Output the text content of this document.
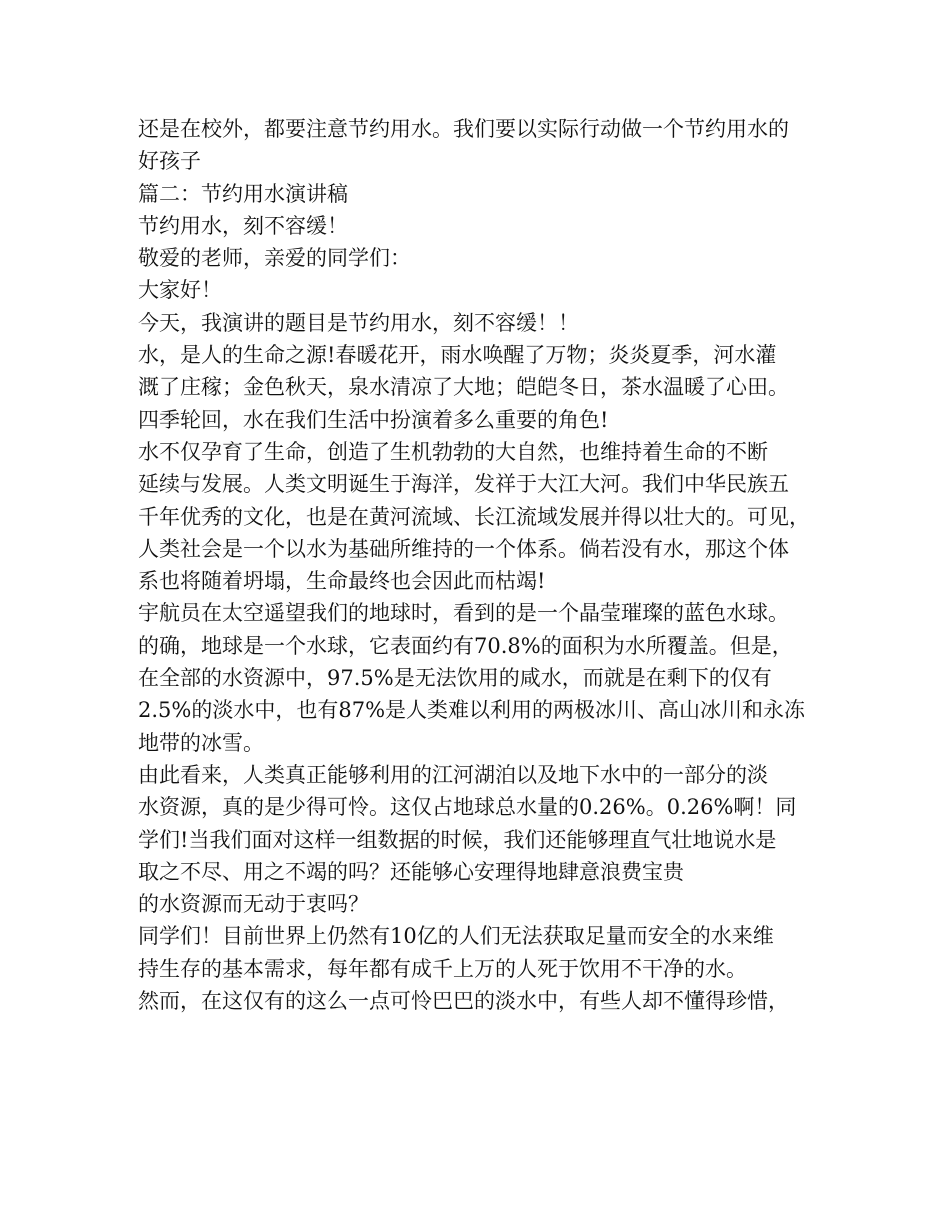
还是在校外，都要注意节约用水。我们要以实际行动做一个节约用水的
好孩子
篇二：节约用水演讲稿
节约用水，刻不容缓！
敬爱的老师，亲爱的同学们：
大家好！
今天，我演讲的题目是节约用水，刻不容缓！！
水，是人的生命之源!春暖花开，雨水唤醒了万物；炎炎夏季，河水灌
溉了庄稼；金色秋天，泉水清凉了大地；皑皑冬日，茶水温暖了心田。
四季轮回，水在我们生活中扮演着多么重要的角色!
水不仅孕育了生命，创造了生机勃勃的大自然，也维持着生命的不断
延续与发展。人类文明诞生于海洋，发祥于大江大河。我们中华民族五
千年优秀的文化，也是在黄河流域、长江流域发展并得以壮大的。可见，
人类社会是一个以水为基础所维持的一个体系。倘若没有水，那这个体
系也将随着坍塌，生命最终也会因此而枯竭!
宇航员在太空遥望我们的地球时，看到的是一个晶莹璀璨的蓝色水球。
的确，地球是一个水球，它表面约有70.8%的面积为水所覆盖。但是，
在全部的水资源中，97.5%是无法饮用的咸水，而就是在剩下的仅有
2.5%的淡水中，也有87%是人类难以利用的两极冰川、高山冰川和永冻
地带的冰雪。
由此看来，人类真正能够利用的江河湖泊以及地下水中的一部分的淡
水资源，真的是少得可怜。这仅占地球总水量的0.26%。0.26%啊！同
学们!当我们面对这样一组数据的时候，我们还能够理直气壮地说水是
取之不尽、用之不竭的吗？还能够心安理得地肆意浪费宝贵
的水资源而无动于衷吗？
同学们！目前世界上仍然有10亿的人们无法获取足量而安全的水来维
持生存的基本需求，每年都有成千上万的人死于饮用不干净的水。
然而，在这仅有的这么一点可怜巴巴的淡水中，有些人却不懂得珍惜，
